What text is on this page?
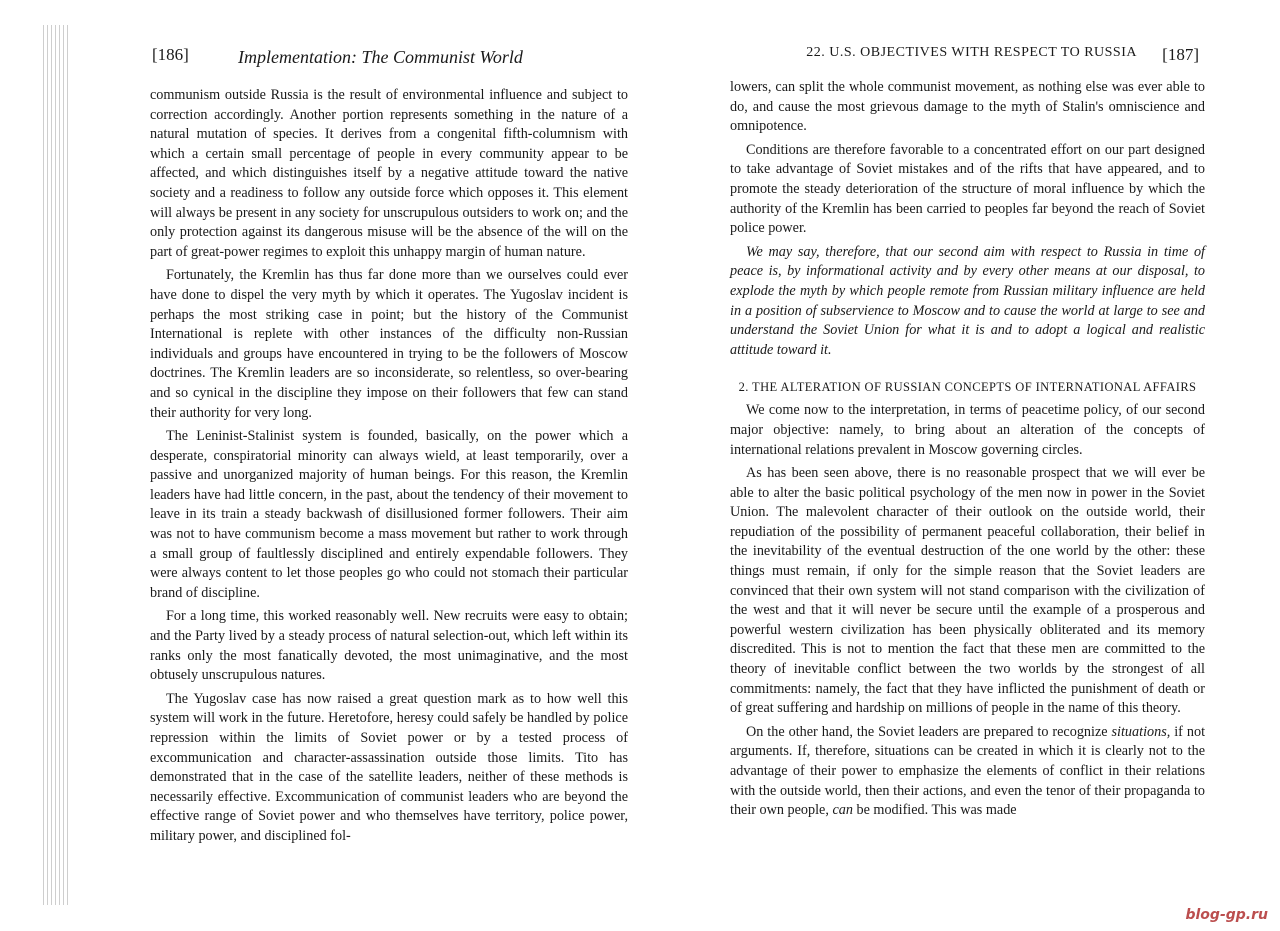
[186]	Implementation: The Communist World

communism outside Russia is the result of environmental influence and subject to correction accordingly. Another portion represents something in the nature of a natural mutation of species. It derives from a congenital fifth-columnism with which a certain small percentage of people in every community appear to be affected, and which distinguishes itself by a negative attitude toward the native society and a readiness to follow any outside force which opposes it. This element will always be present in any society for unscrupulous outsiders to work on; and the only protection against its dangerous misuse will be the absence of the will on the part of great-power regimes to exploit this unhappy margin of human nature.

Fortunately, the Kremlin has thus far done more than we ourselves could ever have done to dispel the very myth by which it operates. The Yugoslav incident is perhaps the most striking case in point; but the history of the Communist International is replete with other instances of the difficulty non-Russian individuals and groups have encountered in trying to be the followers of Moscow doctrines. The Kremlin leaders are so inconsiderate, so relentless, so over-bearing and so cynical in the discipline they impose on their followers that few can stand their authority for very long.

The Leninist-Stalinist system is founded, basically, on the power which a desperate, conspiratorial minority can always wield, at least temporarily, over a passive and unorganized majority of human beings. For this reason, the Kremlin leaders have had little concern, in the past, about the tendency of their movement to leave in its train a steady backwash of disillusioned former followers. Their aim was not to have communism become a mass movement but rather to work through a small group of faultlessly disciplined and entirely expendable followers. They were always content to let those peoples go who could not stomach their particular brand of discipline.

For a long time, this worked reasonably well. New recruits were easy to obtain; and the Party lived by a steady process of natural selection-out, which left within its ranks only the most fanatically devoted, the most unimaginative, and the most obtusely unscrupulous natures.

The Yugoslav case has now raised a great question mark as to how well this system will work in the future. Heretofore, heresy could safely be handled by police repression within the limits of Soviet power or by a tested process of excommunication and character-assassination outside those limits. Tito has demonstrated that in the case of the satellite leaders, neither of these methods is necessarily effective. Excommunication of communist leaders who are beyond the effective range of Soviet power and who themselves have territory, police power, military power, and disciplined fol-

22. U.S. OBJECTIVES WITH RESPECT TO RUSSIA [187]

lowers, can split the whole communist movement, as nothing else was ever able to do, and cause the most grievous damage to the myth of Stalin's omniscience and omnipotence.

Conditions are therefore favorable to a concentrated effort on our part designed to take advantage of Soviet mistakes and of the rifts that have appeared, and to promote the steady deterioration of the structure of moral influence by which the authority of the Kremlin has been carried to peoples far beyond the reach of Soviet police power.

We may say, therefore, that our second aim with respect to Russia in time of peace is, by informational activity and by every other means at our disposal, to explode the myth by which people remote from Russian military influence are held in a position of subservience to Moscow and to cause the world at large to see and understand the Soviet Union for what it is and to adopt a logical and realistic attitude toward it.

2. THE ALTERATION OF RUSSIAN CONCEPTS OF INTERNATIONAL AFFAIRS

We come now to the interpretation, in terms of peacetime policy, of our second major objective: namely, to bring about an alteration of the concepts of international relations prevalent in Moscow governing circles.

As has been seen above, there is no reasonable prospect that we will ever be able to alter the basic political psychology of the men now in power in the Soviet Union. The malevolent character of their outlook on the outside world, their repudiation of the possibility of permanent peaceful collaboration, their belief in the inevitability of the eventual destruction of the one world by the other: these things must remain, if only for the simple reason that the Soviet leaders are convinced that their own system will not stand comparison with the civilization of the west and that it will never be secure until the example of a prosperous and powerful western civilization has been physically obliterated and its memory discredited. This is not to mention the fact that these men are committed to the theory of inevitable conflict between the two worlds by the strongest of all commitments: namely, the fact that they have inflicted the punishment of death or of great suffering and hardship on millions of people in the name of this theory.

On the other hand, the Soviet leaders are prepared to recognize situations, if not arguments. If, therefore, situations can be created in which it is clearly not to the advantage of their power to emphasize the elements of conflict in their relations with the outside world, then their actions, and even the tenor of their propaganda to their own people, can be modified. This was made

blog-gp.ru
